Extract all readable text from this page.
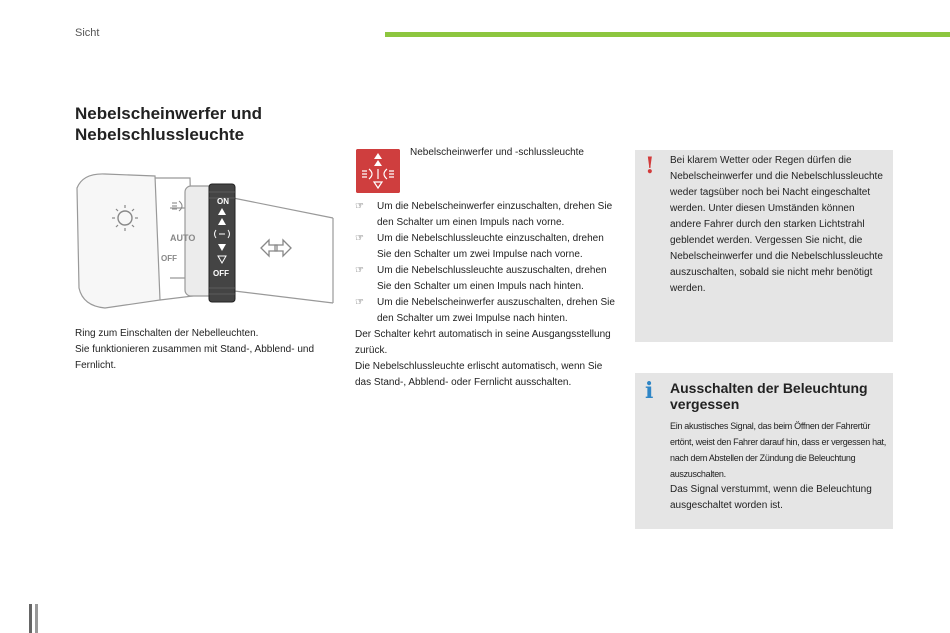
Sicht
Nebelscheinwerfer und Nebelschlussleuchte
AUTO
OFF
ON
OFF

Ring zum Einschalten der Nebelleuchten.

Sie funktionieren zusammen mit Stand-, Abblend- und Fernlicht.

Nebelscheinwerfer und -schlussleuchte
☞ Um die Nebelscheinwerfer einzuschalten, drehen Sie den Schalter um einen Impuls nach vorne.
☞ Um die Nebelschlussleuchte einzuschalten, drehen Sie den Schalter um zwei Impulse nach vorne.
☞ Um die Nebelschlussleuchte auszuschalten, drehen Sie den Schalter um einen Impuls nach hinten.
☞ Um die Nebelscheinwerfer auszuschalten, drehen Sie den Schalter um zwei Impulse nach hinten.

Der Schalter kehrt automatisch in seine Ausgangsstellung zurück.

Die Nebelschlussleuchte erlischt automatisch, wenn Sie das Stand-, Abblend- oder Fernlicht ausschalten.

! Bei klarem Wetter oder Regen dürfen die Nebelscheinwerfer und die Nebelschlussleuchte weder tagsüber noch bei Nacht eingeschaltet werden. Unter diesen Umständen können andere Fahrer durch den starken Lichtstrahl geblendet werden. Vergessen Sie nicht, die Nebelscheinwerfer und die Nebelschlussleuchte auszuschalten, sobald sie nicht mehr benötigt werden.
i Ausschalten der Beleuchtung vergessen
Ein akustisches Signal, das beim Öffnen der Fahrertür ertönt, weist den Fahrer darauf hin, dass er vergessen hat, nach dem Abstellen der Zündung die Beleuchtung auszuschalten.
Das Signal verstummt, wenn die Beleuchtung ausgeschaltet worden ist.
